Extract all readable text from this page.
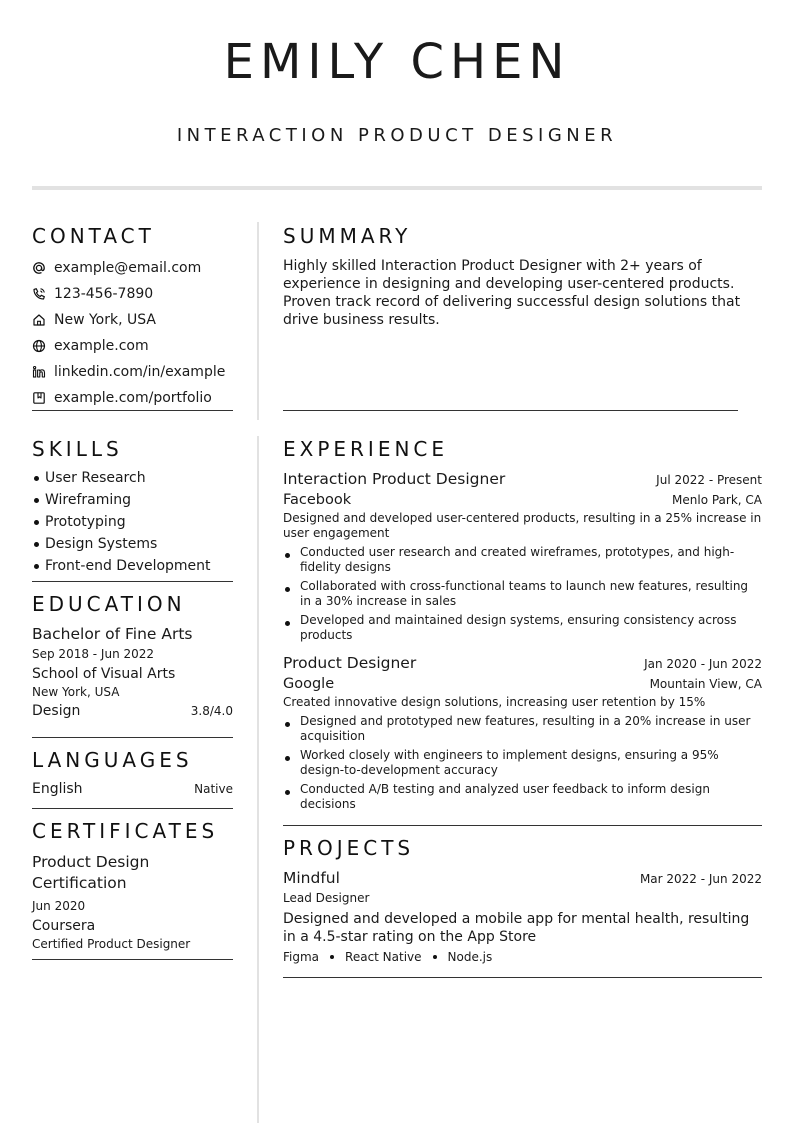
EMILY CHEN
INTERACTION PRODUCT DESIGNER
CONTACT
example@email.com
123-456-7890
New York, USA
example.com
linkedin.com/in/example
example.com/portfolio
SUMMARY
Highly skilled Interaction Product Designer with 2+ years of experience in designing and developing user-centered products. Proven track record of delivering successful design solutions that drive business results.
SKILLS
User Research
Wireframing
Prototyping
Design Systems
Front-end Development
EDUCATION
Bachelor of Fine Arts
Sep 2018 - Jun 2022
School of Visual Arts
New York, USA
Design	3.8/4.0
LANGUAGES
English	Native
CERTIFICATES
Product Design
Certification
Jun 2020
Coursera
Certified Product Designer
EXPERIENCE
Interaction Product Designer	Jul 2022 - Present
Facebook	Menlo Park, CA
Designed and developed user-centered products, resulting in a 25% increase in user engagement
Conducted user research and created wireframes, prototypes, and high-fidelity designs
Collaborated with cross-functional teams to launch new features, resulting in a 30% increase in sales
Developed and maintained design systems, ensuring consistency across products
Product Designer	Jan 2020 - Jun 2022
Google	Mountain View, CA
Created innovative design solutions, increasing user retention by 15%
Designed and prototyped new features, resulting in a 20% increase in user acquisition
Worked closely with engineers to implement designs, ensuring a 95% design-to-development accuracy
Conducted A/B testing and analyzed user feedback to inform design decisions
PROJECTS
Mindful	Mar 2022 - Jun 2022
Lead Designer
Designed and developed a mobile app for mental health, resulting in a 4.5-star rating on the App Store
Figma React Native Node.js
